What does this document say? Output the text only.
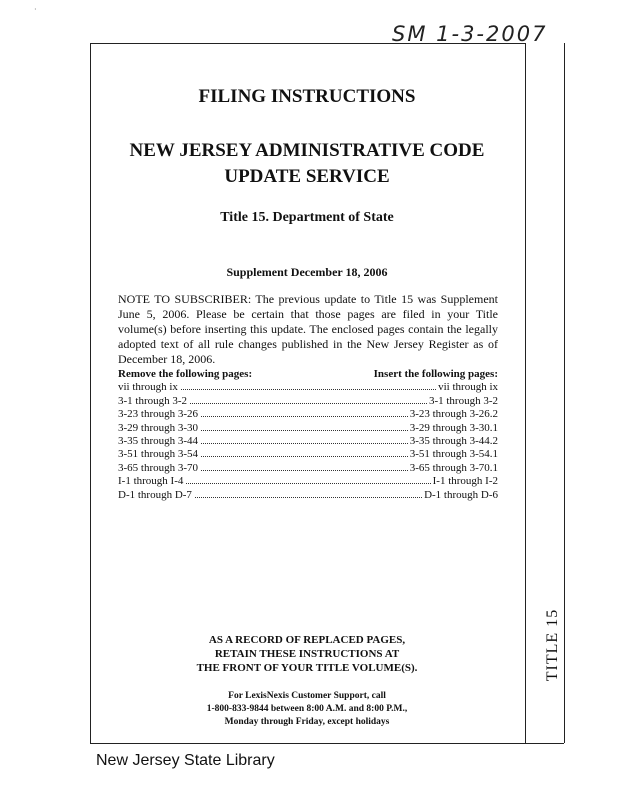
·
SM 1-3-2007
FILING INSTRUCTIONS
NEW JERSEY ADMINISTRATIVE CODE
UPDATE SERVICE
Title 15. Department of State
Supplement December 18, 2006
NOTE TO SUBSCRIBER: The previous update to Title 15 was Supplement June 5, 2006. Please be certain that those pages are filed in your Title volume(s) before inserting this update. The enclosed pages contain the legally adopted text of all rule changes published in the New Jersey Register as of December 18, 2006.
Remove the following pages:	Insert the following pages:
vii through ix	vii through ix
3-1 through 3-2	3-1 through 3-2
3-23 through 3-26	3-23 through 3-26.2
3-29 through 3-30	3-29 through 3-30.1
3-35 through 3-44	3-35 through 3-44.2
3-51 through 3-54	3-51 through 3-54.1
3-65 through 3-70	3-65 through 3-70.1
I-1 through I-4	I-1 through I-2
D-1 through D-7	D-1 through D-6
AS A RECORD OF REPLACED PAGES,
RETAIN THESE INSTRUCTIONS AT
THE FRONT OF YOUR TITLE VOLUME(S).
For LexisNexis Customer Support, call
1-800-833-9844 between 8:00 A.M. and 8:00 P.M.,
Monday through Friday, except holidays
TITLE 15
New Jersey State Library
